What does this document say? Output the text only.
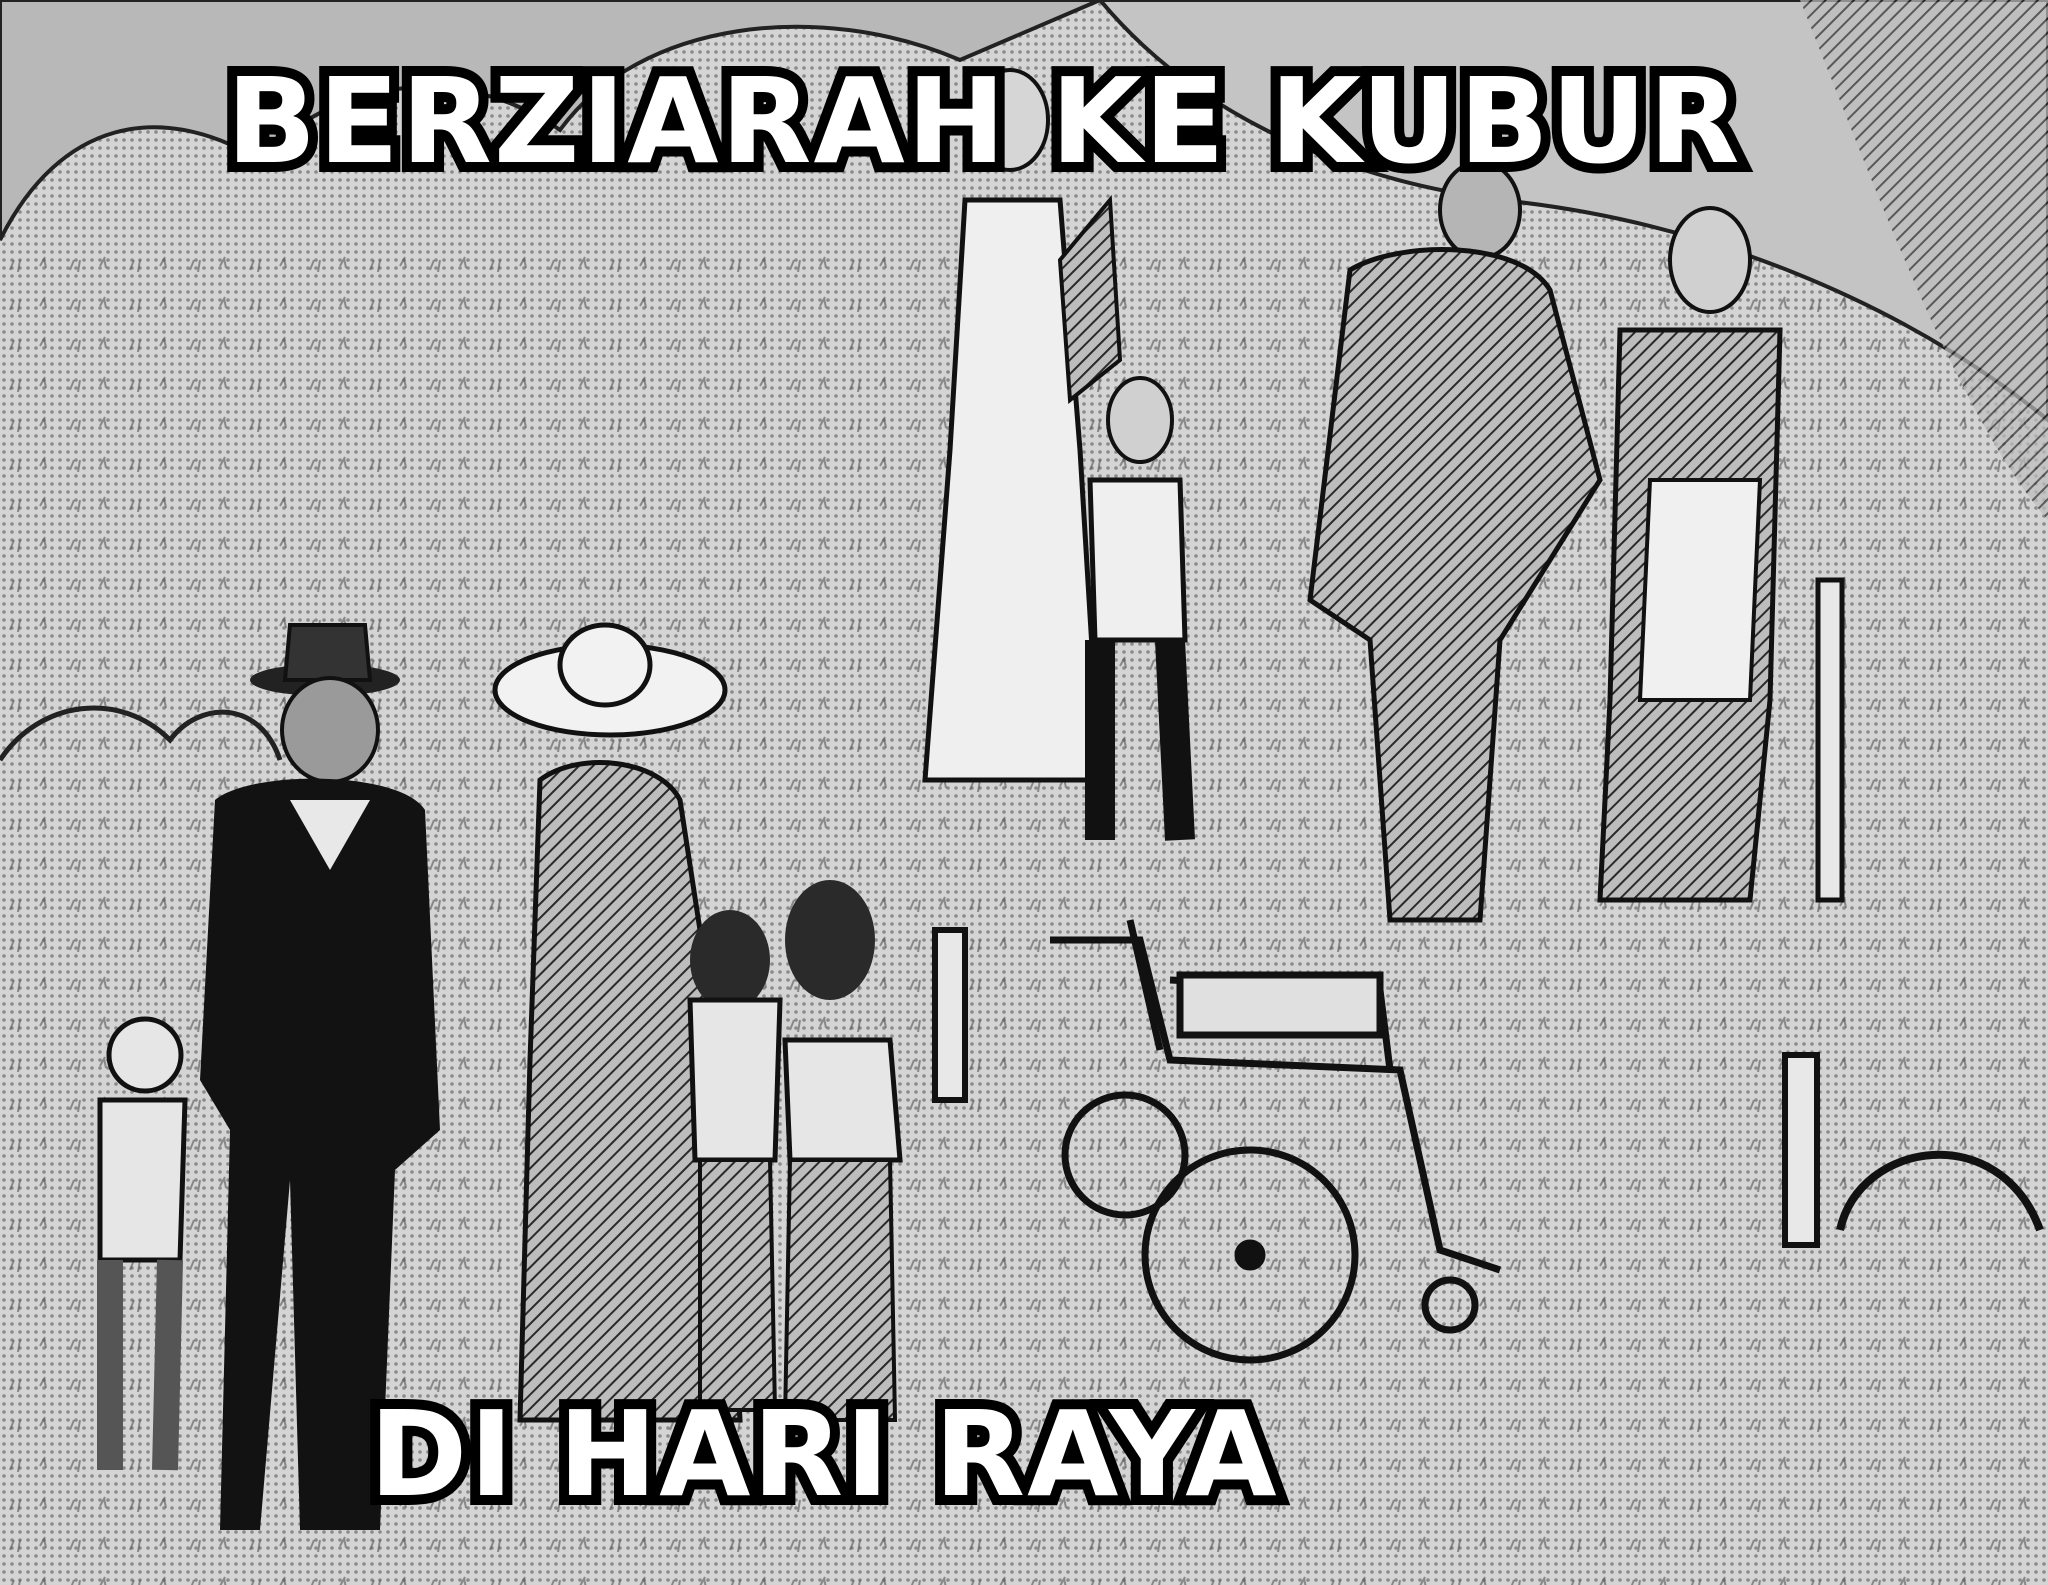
BERZIARAH KE KUBUR
DI HARI RAYA
